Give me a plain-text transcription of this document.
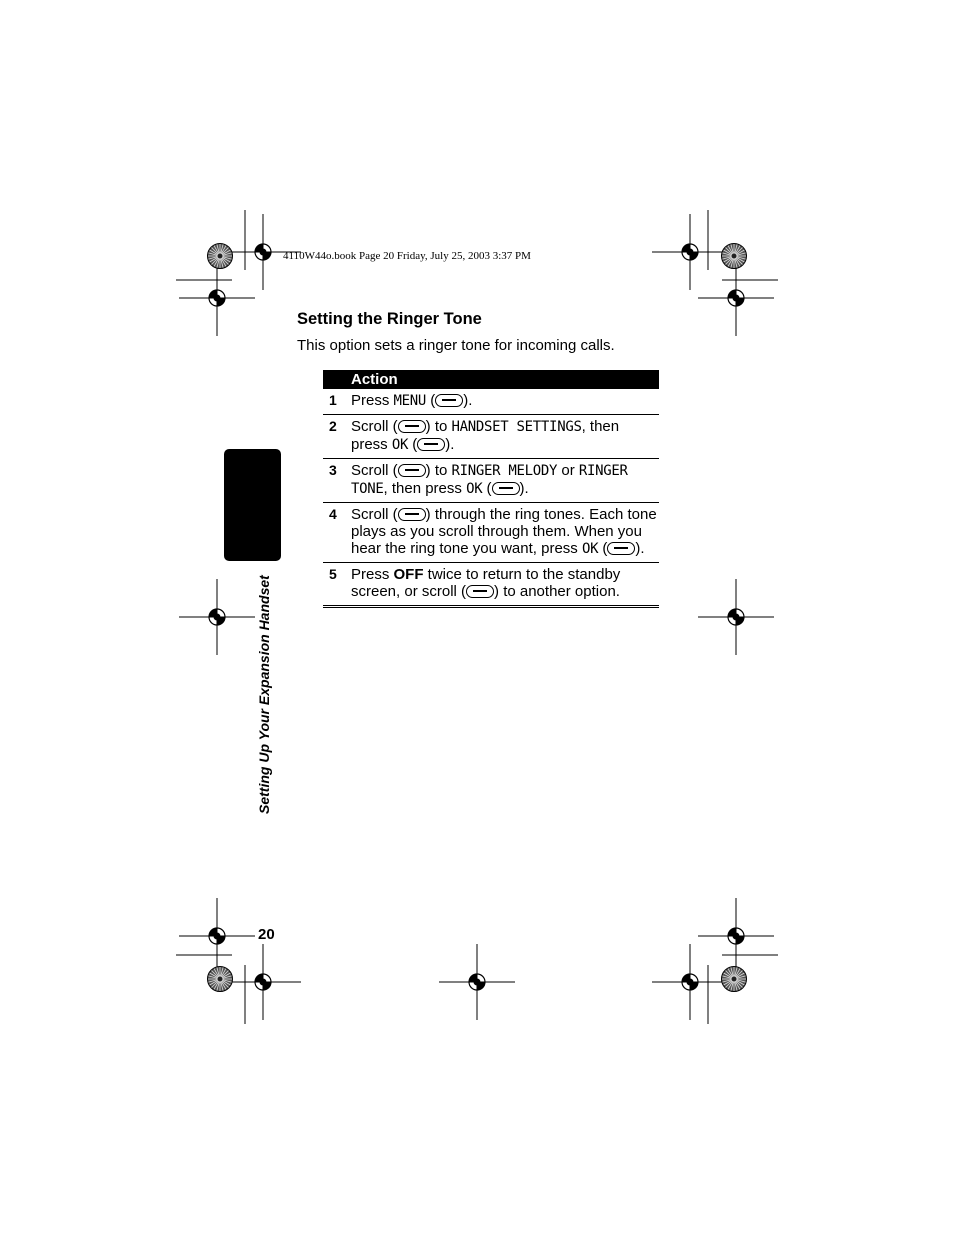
4110W44o.book Page 20 Friday, July 25, 2003 3:37 PM
Setting the Ringer Tone

This option sets a ringer tone for incoming calls.

Action
1 Press MENU ( ).
2 Scroll ( ) to HANDSET SETTINGS, then press OK ( ).
3 Scroll ( ) to RINGER MELODY or RINGER TONE, then press OK ( ).
4 Scroll ( ) through the ring tones. Each tone plays as you scroll through them. When you hear the ring tone you want, press OK ( ).
5 Press OFF twice to return to the standby screen, or scroll ( ) to another option.
Setting Up Your Expansion Handset
20
